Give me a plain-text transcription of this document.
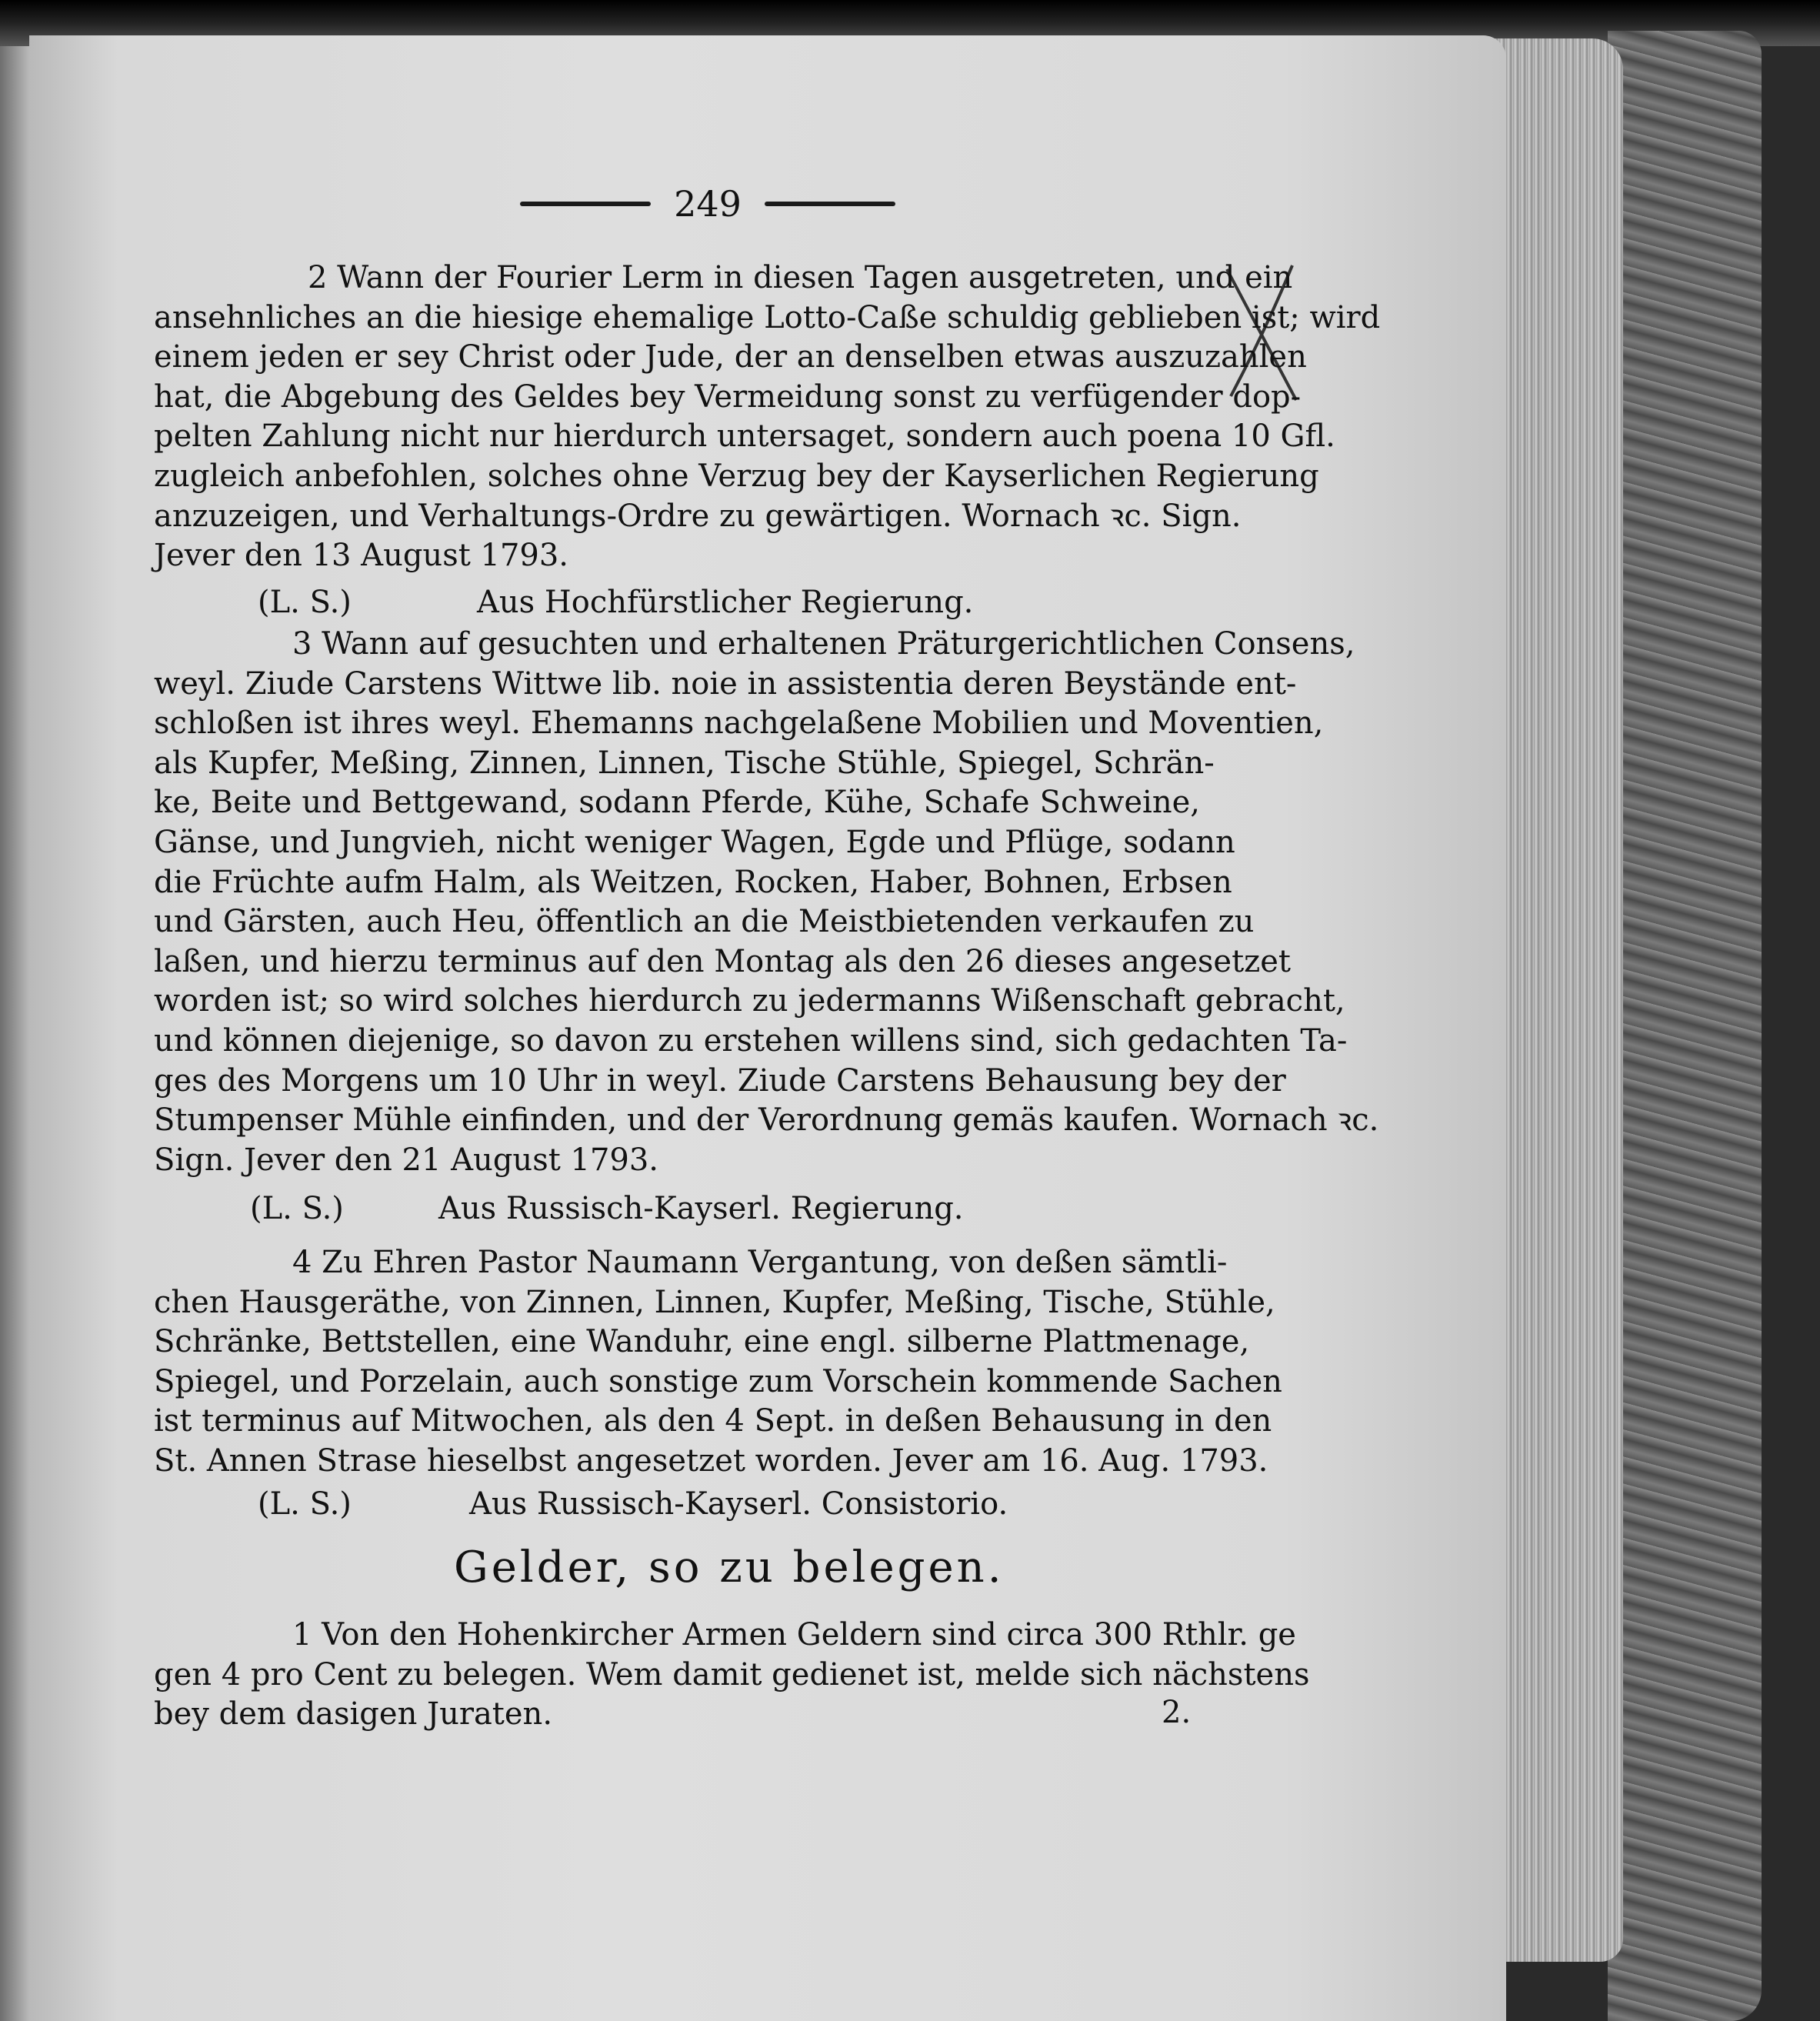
249
2 Wann der Fourier Lerm in diesen Tagen ausgetreten, und ein
ansehnliches an die hiesige ehemalige Lotto-Caße schuldig geblieben ist; wird
einem jeden er sey Christ oder Jude, der an denselben etwas auszuzahlen
hat, die Abgebung des Geldes bey Vermeidung sonst zu verfügender dop-
pelten Zahlung nicht nur hierdurch untersaget, sondern auch poena 10 Gfl.
zugleich anbefohlen, solches ohne Verzug bey der Kayserlichen Regierung
anzuzeigen, und Verhaltungs-Ordre zu gewärtigen. Wornach ꝛc. Sign.
Jever den 13 August 1793.
(L. S.)	Aus Hochfürstlicher Regierung.
3 Wann auf gesuchten und erhaltenen Präturgerichtlichen Consens,
weyl. Ziude Carstens Wittwe lib. noie in assistentia deren Beystände ent-
schloßen ist ihres weyl. Ehemanns nachgelaßene Mobilien und Moventien,
als Kupfer, Meßing, Zinnen, Linnen, Tische Stühle, Spiegel, Schrän-
ke, Beite und Bettgewand, sodann Pferde, Kühe, Schafe Schweine,
Gänse, und Jungvieh, nicht weniger Wagen, Egde und Pflüge, sodann
die Früchte aufm Halm, als Weitzen, Rocken, Haber, Bohnen, Erbsen
und Gärsten, auch Heu, öffentlich an die Meistbietenden verkaufen zu
laßen, und hierzu terminus auf den Montag als den 26 dieses angesetzet
worden ist; so wird solches hierdurch zu jedermanns Wißenschaft gebracht,
und können diejenige, so davon zu erstehen willens sind, sich gedachten Ta-
ges des Morgens um 10 Uhr in weyl. Ziude Carstens Behausung bey der
Stumpenser Mühle einfinden, und der Verordnung gemäs kaufen. Wornach ꝛc.
Sign. Jever den 21 August 1793.
(L. S.)	Aus Russisch-Kayserl. Regierung.
4 Zu Ehren Pastor Naumann Vergantung, von deßen sämtli-
chen Hausgeräthe, von Zinnen, Linnen, Kupfer, Meßing, Tische, Stühle,
Schränke, Bettstellen, eine Wanduhr, eine engl. silberne Plattmenage,
Spiegel, und Porzelain, auch sonstige zum Vorschein kommende Sachen
ist terminus auf Mitwochen, als den 4 Sept. in deßen Behausung in den
St. Annen Strase hieselbst angesetzet worden. Jever am 16. Aug. 1793.
(L. S.)	Aus Russisch-Kayserl. Consistorio.
Gelder, so zu belegen.
1 Von den Hohenkircher Armen Geldern sind circa 300 Rthlr. ge
gen 4 pro Cent zu belegen. Wem damit gedienet ist, melde sich nächstens
bey dem dasigen Juraten.	2.
